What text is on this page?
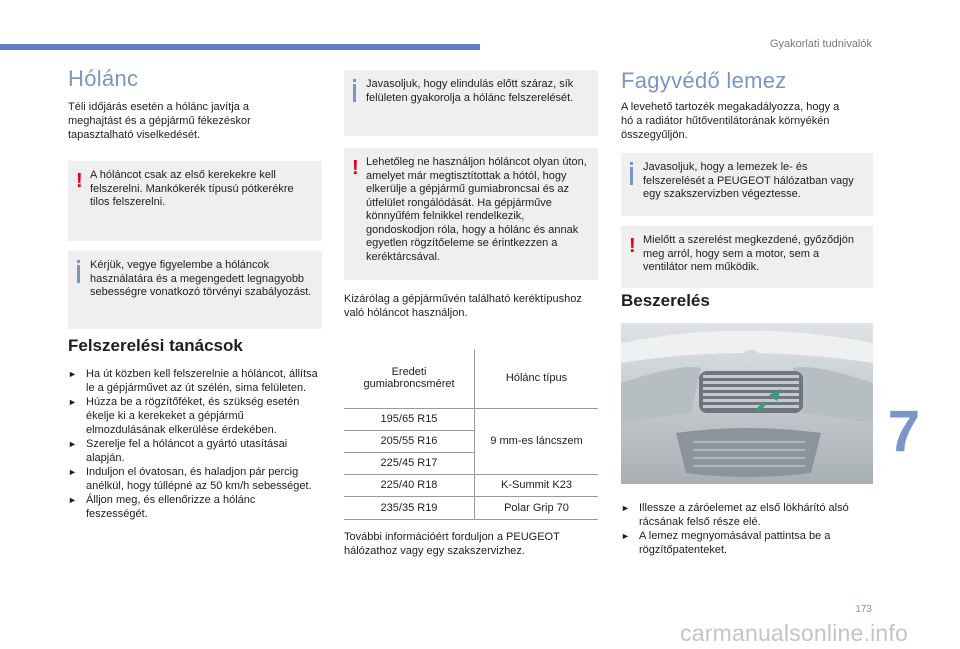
Gyakorlati tudnivalók
Hólánc
Téli időjárás esetén a hólánc javítja a meghajtást és a gépjármű fékezéskor tapasztalható viselkedését.
! A hóláncot csak az első kerekekre kell felszerelni. Mankókerék típusú pótkerékre tilos felszerelni.
Kérjük, vegye figyelembe a hóláncok használatára és a megengedett legnagyobb sebességre vonatkozó törvényi szabályozást.
Felszerelési tanácsok
► Ha út közben kell felszerelnie a hóláncot, állítsa le a gépjárművet az út szélén, sima felületen.
► Húzza be a rögzítőféket, és szükség esetén ékelje ki a kerekeket a gépjármű elmozdulásának elkerülése érdekében.
► Szerelje fel a hóláncot a gyártó utasításai alapján.
► Induljon el óvatosan, és haladjon pár percig anélkül, hogy túllépné az 50 km/h sebességet.
► Álljon meg, és ellenőrizze a hólánc feszességét.
Javasoljuk, hogy elindulás előtt száraz, sík felületen gyakorolja a hólánc felszerelését.
! Lehetőleg ne használjon hóláncot olyan úton, amelyet már megtisztítottak a hótól, hogy elkerülje a gépjármű gumiabroncsai és az útfelület rongálódását. Ha gépjárműve könnyűfém felnikkel rendelkezik, gondoskodjon róla, hogy a hólánc és annak egyetlen rögzítőeleme se érintkezzen a keréktárcsával.
Kizárólag a gépjárművén található keréktípushoz való hóláncot használjon.
Eredeti gumiabroncsméret	Hólánc típus
195/65 R15	9 mm-es láncszem
205/55 R16	
225/45 R17	
225/40 R18	K-Summit K23
235/35 R19	Polar Grip 70
További információért forduljon a PEUGEOT hálózathoz vagy egy szakszervizhez.
Fagyvédő lemez
A levehető tartozék megakadályozza, hogy a hó a radiátor hűtőventilátorának környékén összegyűljön.
Javasoljuk, hogy a lemezek le- és felszerelését a PEUGEOT hálózatban vagy egy szakszervizben végeztesse.
! Mielőtt a szerelést megkezdené, győződjön meg arról, hogy sem a motor, sem a ventilátor nem működik.
Beszerelés
► Illessze a záróelemet az első lökhárító alsó rácsának felső része elé.
► A lemez megnyomásával pattintsa be a rögzítőpatenteket.
7
173
carmanualsonline.info
